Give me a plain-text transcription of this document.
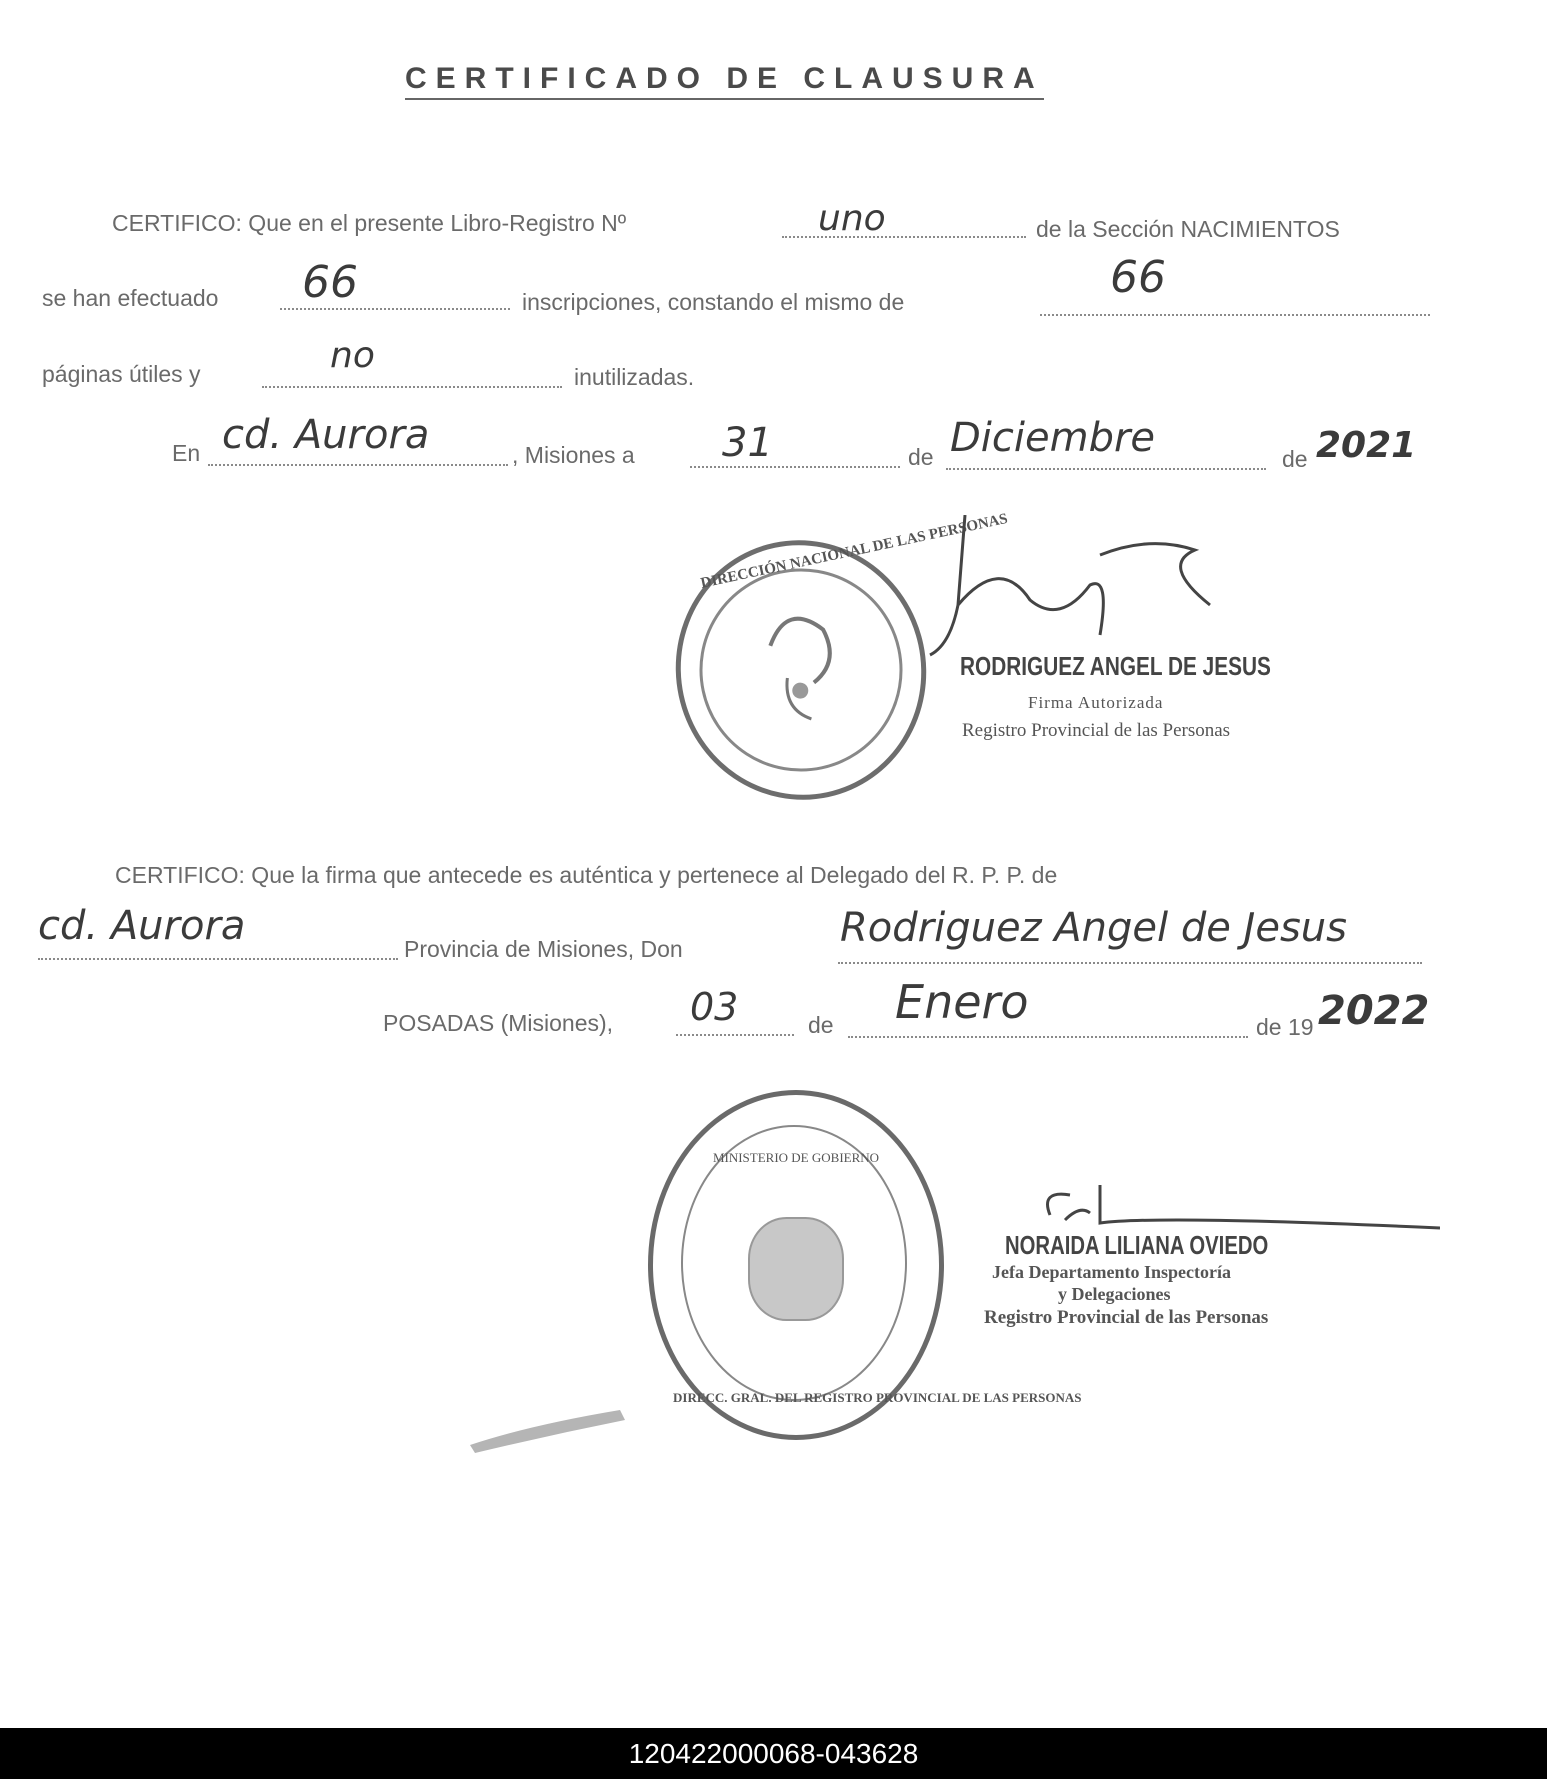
CERTIFICADO DE CLAUSURA
CERTIFICO: Que en el presente Libro-Registro Nº	uno	de la Sección NACIMIENTOS
se han efectuado 66	inscripciones, constando el mismo de	66
páginas útiles y	no
inutilizadas.
En cd. Aurora	, Misiones a 31	de Diciembre	de 2021
DIRECCIÓN NACIONAL DE LAS PERSONAS
RODRIGUEZ ANGEL DE JESUS
Firma Autorizada
Registro Provincial de las Personas
CERTIFICO: Que la firma que antecede es auténtica y pertenece al Delegado del R. P. P. de
cd. Aurora	Provincia de Misiones, Don	Rodriguez Angel de Jesus
POSADAS (Misiones), 03	de Enero	de 19 2022
DIRECC. GRAL. DEL REGISTRO PROVINCIAL DE LAS PERSONAS
MINISTERIO DE GOBIERNO
NORAIDA LILIANA OVIEDO
Jefa Departamento Inspectoría
y Delegaciones
Registro Provincial de las Personas
120422000068-043628
